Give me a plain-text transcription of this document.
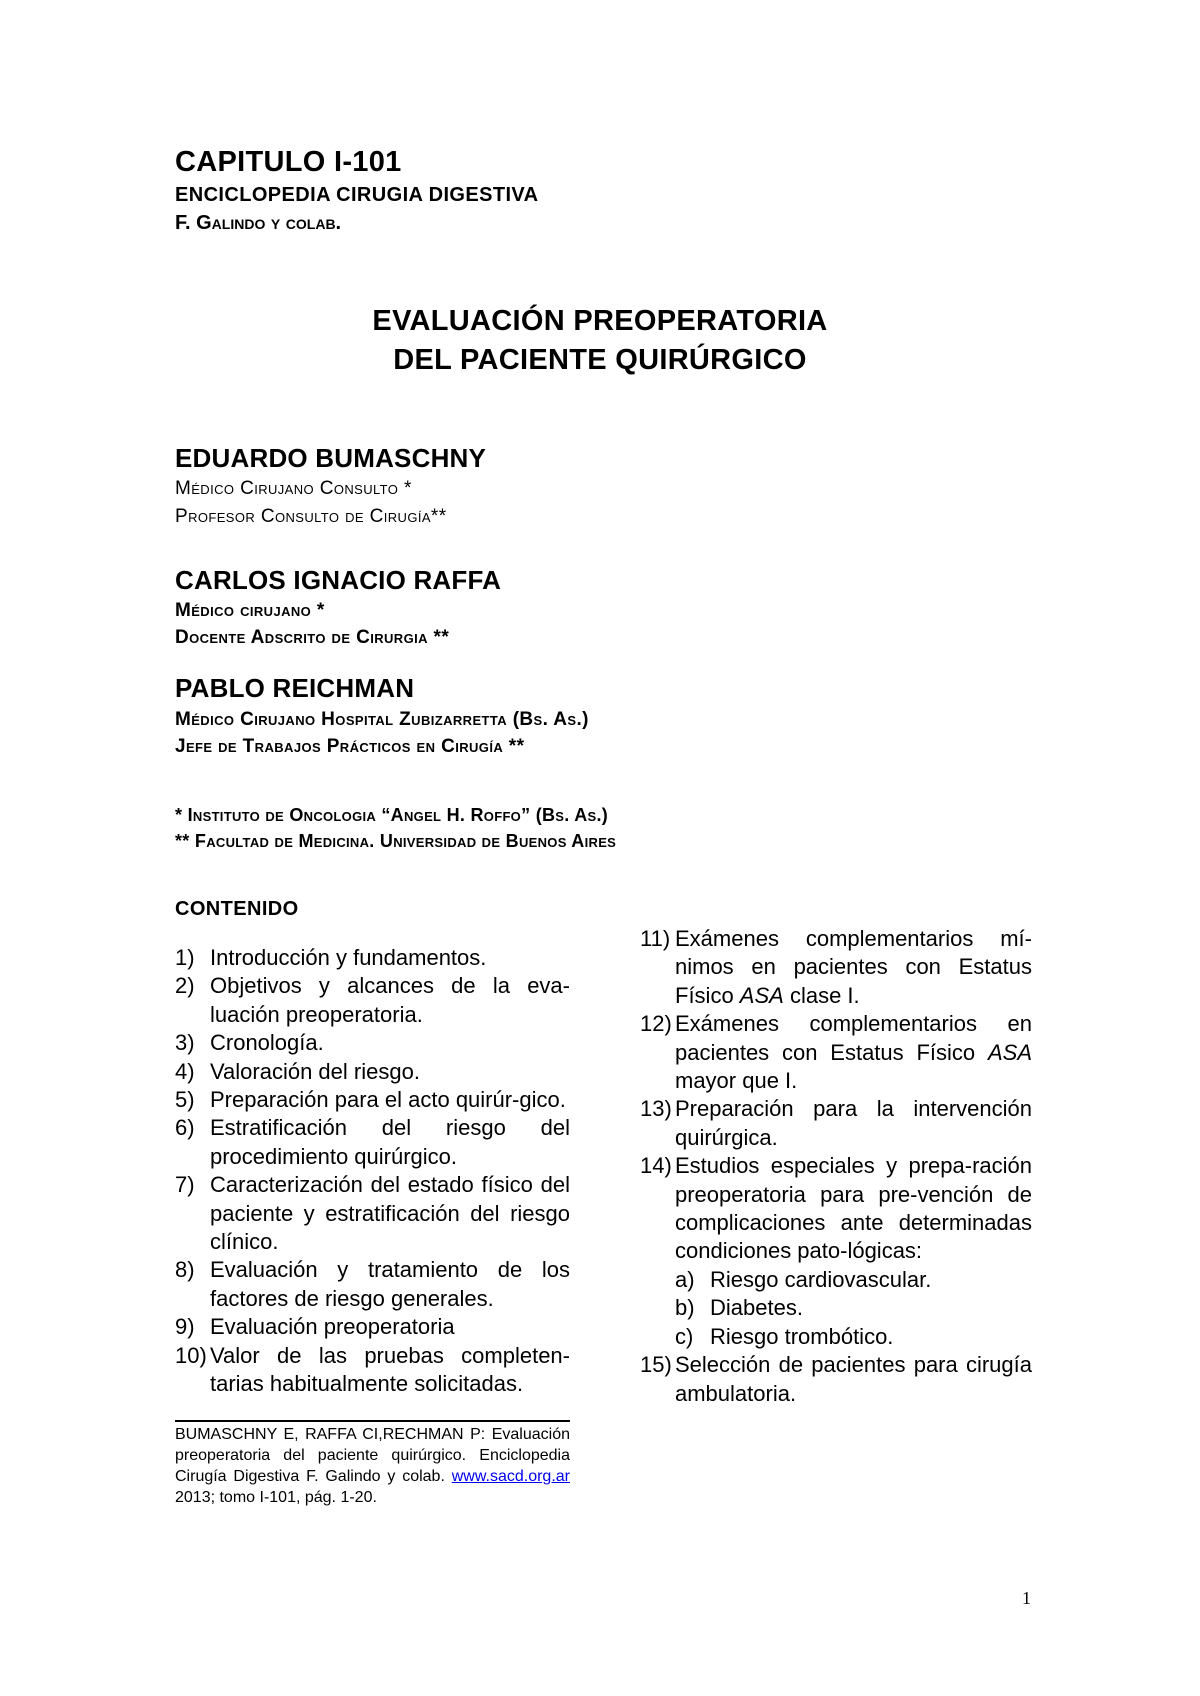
CAPITULO I-101
ENCICLOPEDIA CIRUGIA DIGESTIVA
F. Galindo y colab.
EVALUACIÓN PREOPERATORIA
DEL PACIENTE QUIRÚRGICO
EDUARDO BUMASCHNY
Médico Cirujano Consulto *
Profesor Consulto de Cirugía**
CARLOS IGNACIO RAFFA
Médico cirujano *
Docente Adscrito de Cirurgia **
PABLO REICHMAN
Médico Cirujano Hospital Zubizarretta (Bs. As.)
Jefe de Trabajos Prácticos en Cirugía **
* Instituto de Oncologia “Angel H. Roffo” (Bs. As.)
** Facultad de Medicina. Universidad de Buenos Aires
CONTENIDO
1) Introducción y fundamentos.
2) Objetivos y alcances de la eva-luación preoperatoria.
3) Cronología.
4) Valoración del riesgo.
5) Preparación para el acto quirúr-gico.
6) Estratificación del riesgo del procedimiento quirúrgico.
7) Caracterización del estado físico del paciente y estratificación del riesgo clínico.
8) Evaluación y tratamiento de los factores de riesgo generales.
9) Evaluación preoperatoria
10) Valor de las pruebas completen-tarias habitualmente solicitadas.
11) Exámenes complementarios mí-nimos en pacientes con Estatus Físico ASA clase I.
12) Exámenes complementarios en pacientes con Estatus Físico ASA mayor que I.
13) Preparación para la intervención quirúrgica.
14) Estudios especiales y prepa-ración preoperatoria para pre-vención de complicaciones ante determinadas condiciones pato-lógicas:
a) Riesgo cardiovascular.
b) Diabetes.
c) Riesgo trombótico.
15) Selección de pacientes para cirugía ambulatoria.
BUMASCHNY E, RAFFA CI,RECHMAN P: Evaluación preoperatoria del paciente quirúrgico. Enciclopedia Cirugía Digestiva F. Galindo y colab. www.sacd.org.ar 2013; tomo I-101, pág. 1-20.
1
